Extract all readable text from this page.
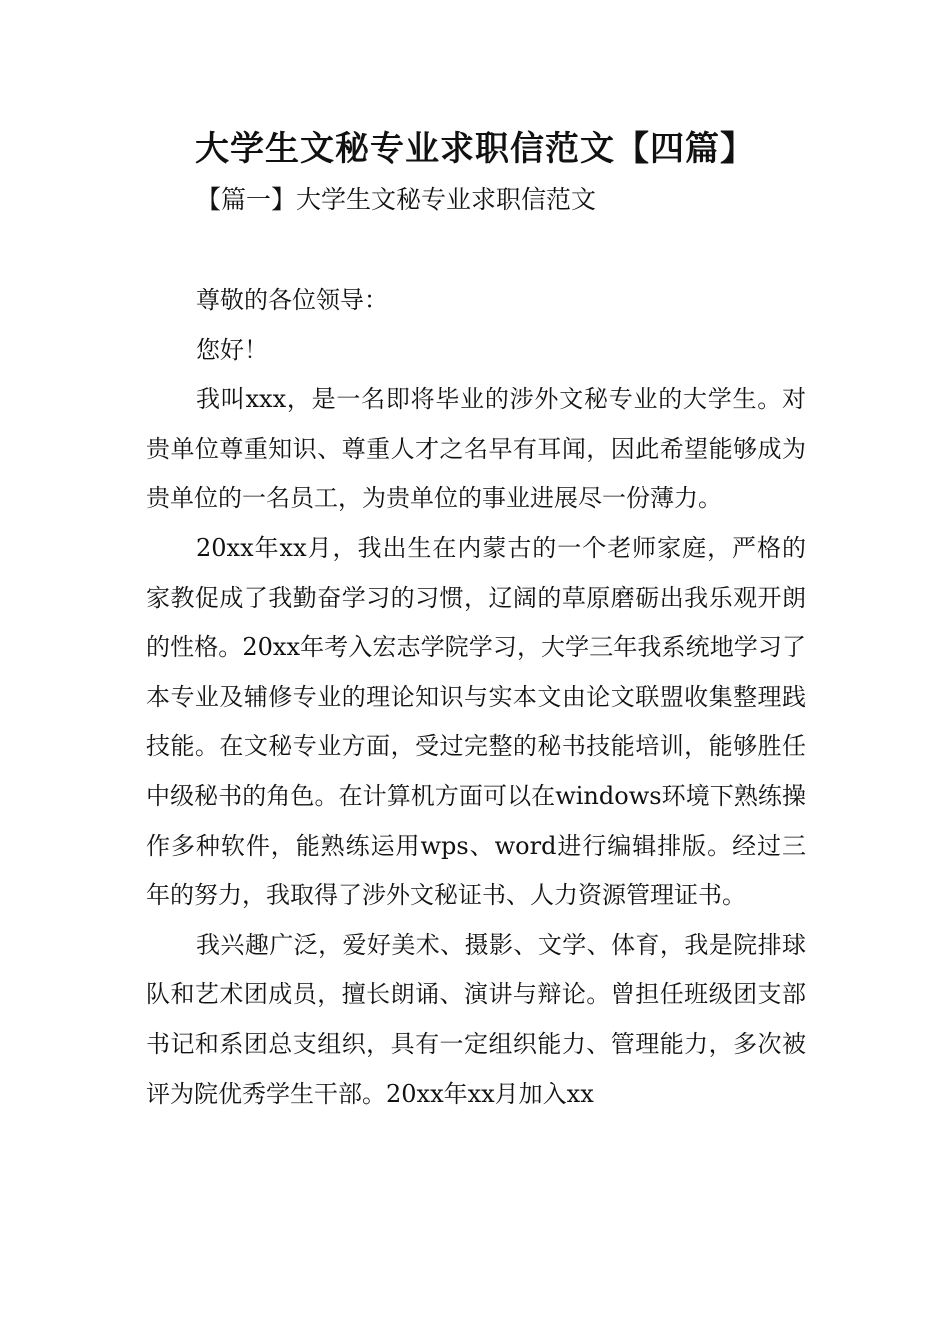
大学生文秘专业求职信范文【四篇】
【篇一】大学生文秘专业求职信范文

尊敬的各位领导：

您好！

我叫xxx，是一名即将毕业的涉外文秘专业的大学生。对贵单位尊重知识、尊重人才之名早有耳闻，因此希望能够成为贵单位的一名员工，为贵单位的事业进展尽一份薄力。

20xx年xx月，我出生在内蒙古的一个老师家庭，严格的家教促成了我勤奋学习的习惯，辽阔的草原磨砺出我乐观开朗的性格。20xx年考入宏志学院学习，大学三年我系统地学习了本专业及辅修专业的理论知识与实本文由论文联盟收集整理践技能。在文秘专业方面，受过完整的秘书技能培训，能够胜任中级秘书的角色。在计算机方面可以在windows环境下熟练操作多种软件，能熟练运用wps、word进行编辑排版。经过三年的努力，我取得了涉外文秘证书、人力资源管理证书。

我兴趣广泛，爱好美术、摄影、文学、体育，我是院排球队和艺术团成员，擅长朗诵、演讲与辩论。曾担任班级团支部书记和系团总支组织，具有一定组织能力、管理能力，多次被评为院优秀学生干部。20xx年xx月加入xx
